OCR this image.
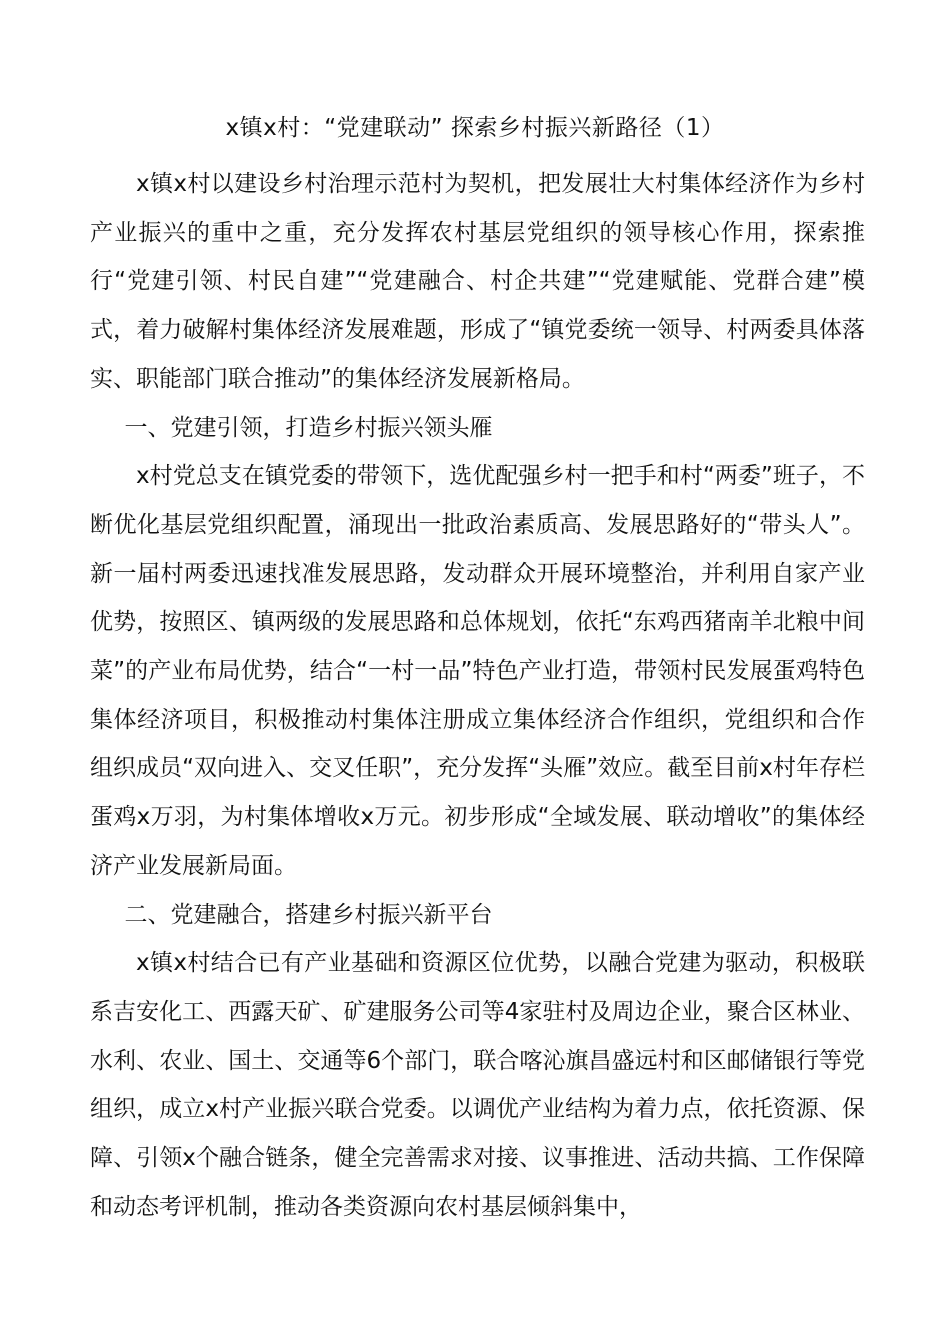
x镇x村：“党建联动” 探索乡村振兴新路径（1）

x镇x村以建设乡村治理示范村为契机，把发展壮大村集体经济作为乡村产业振兴的重中之重，充分发挥农村基层党组织的领导核心作用，探索推行“党建引领、村民自建”“党建融合、村企共建”“党建赋能、党群合建”模式，着力破解村集体经济发展难题，形成了“镇党委统一领导、村两委具体落实、职能部门联合推动”的集体经济发展新格局。

一、党建引领，打造乡村振兴领头雁

x村党总支在镇党委的带领下，选优配强乡村一把手和村“两委”班子，不断优化基层党组织配置，涌现出一批政治素质高、发展思路好的“带头人”。新一届村两委迅速找准发展思路，发动群众开展环境整治，并利用自家产业优势，按照区、镇两级的发展思路和总体规划，依托“东鸡西猪南羊北粮中间菜”的产业布局优势，结合“一村一品”特色产业打造，带领村民发展蛋鸡特色集体经济项目，积极推动村集体注册成立集体经济合作组织，党组织和合作组织成员“双向进入、交叉任职”，充分发挥“头雁”效应。截至目前x村年存栏蛋鸡x万羽，为村集体增收x万元。初步形成“全域发展、联动增收”的集体经济产业发展新局面。

二、党建融合，搭建乡村振兴新平台

x镇x村结合已有产业基础和资源区位优势，以融合党建为驱动，积极联系吉安化工、西露天矿、矿建服务公司等4家驻村及周边企业，聚合区林业、水利、农业、国土、交通等6个部门，联合喀沁旗昌盛远村和区邮储银行等党组织，成立x村产业振兴联合党委。以调优产业结构为着力点，依托资源、保障、引领x个融合链条，健全完善需求对接、议事推进、活动共搞、工作保障和动态考评机制，推动各类资源向农村基层倾斜集中，
